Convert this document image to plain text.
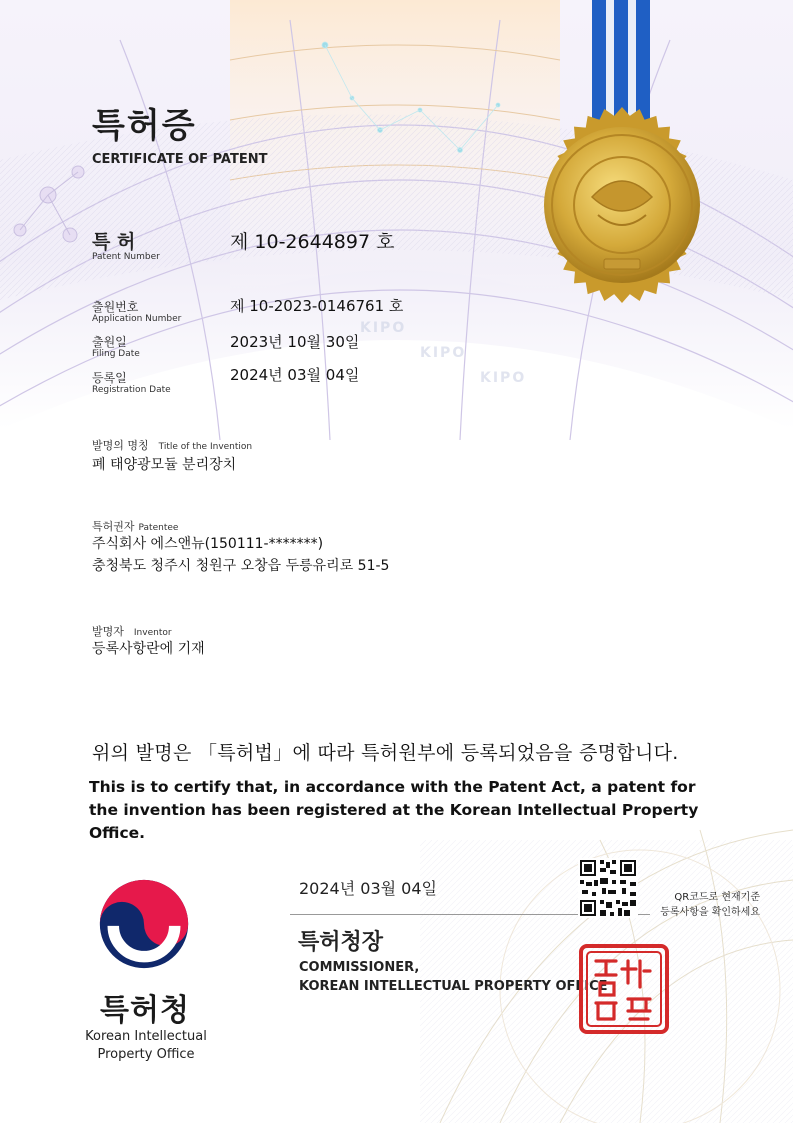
KIPO
KIPO
KIPO
특허증
CERTIFICATE OF PATENT
특 허
Patent Number
제 10-2644897 호
출원번호
Application Number
제 10-2023-0146761 호
출원일
Filing Date
2023년 10월 30일
등록일
Registration Date
2024년 03월 04일
발명의 명칭 Title of the Invention
폐 태양광모듈 분리장치
특허권자 Patentee
주식회사 에스앤뉴(150111-*******)
충청북도 청주시 청원구 오창읍 두릉유리로 51-5
발명자 Inventor
등록사항란에 기재
위의 발명은 「특허법」에 따라 특허원부에 등록되었음을 증명합니다.
This is to certify that, in accordance with the Patent Act, a patent for the invention has been registered at the Korean Intellectual Property Office.
특허청
Korean Intellectual
Property Office
2024년 03월 04일
특허청장
COMMISSIONER,
KOREAN INTELLECTUAL PROPERTY OFFICE
QR코드로 현재기준
등록사항을 확인하세요
